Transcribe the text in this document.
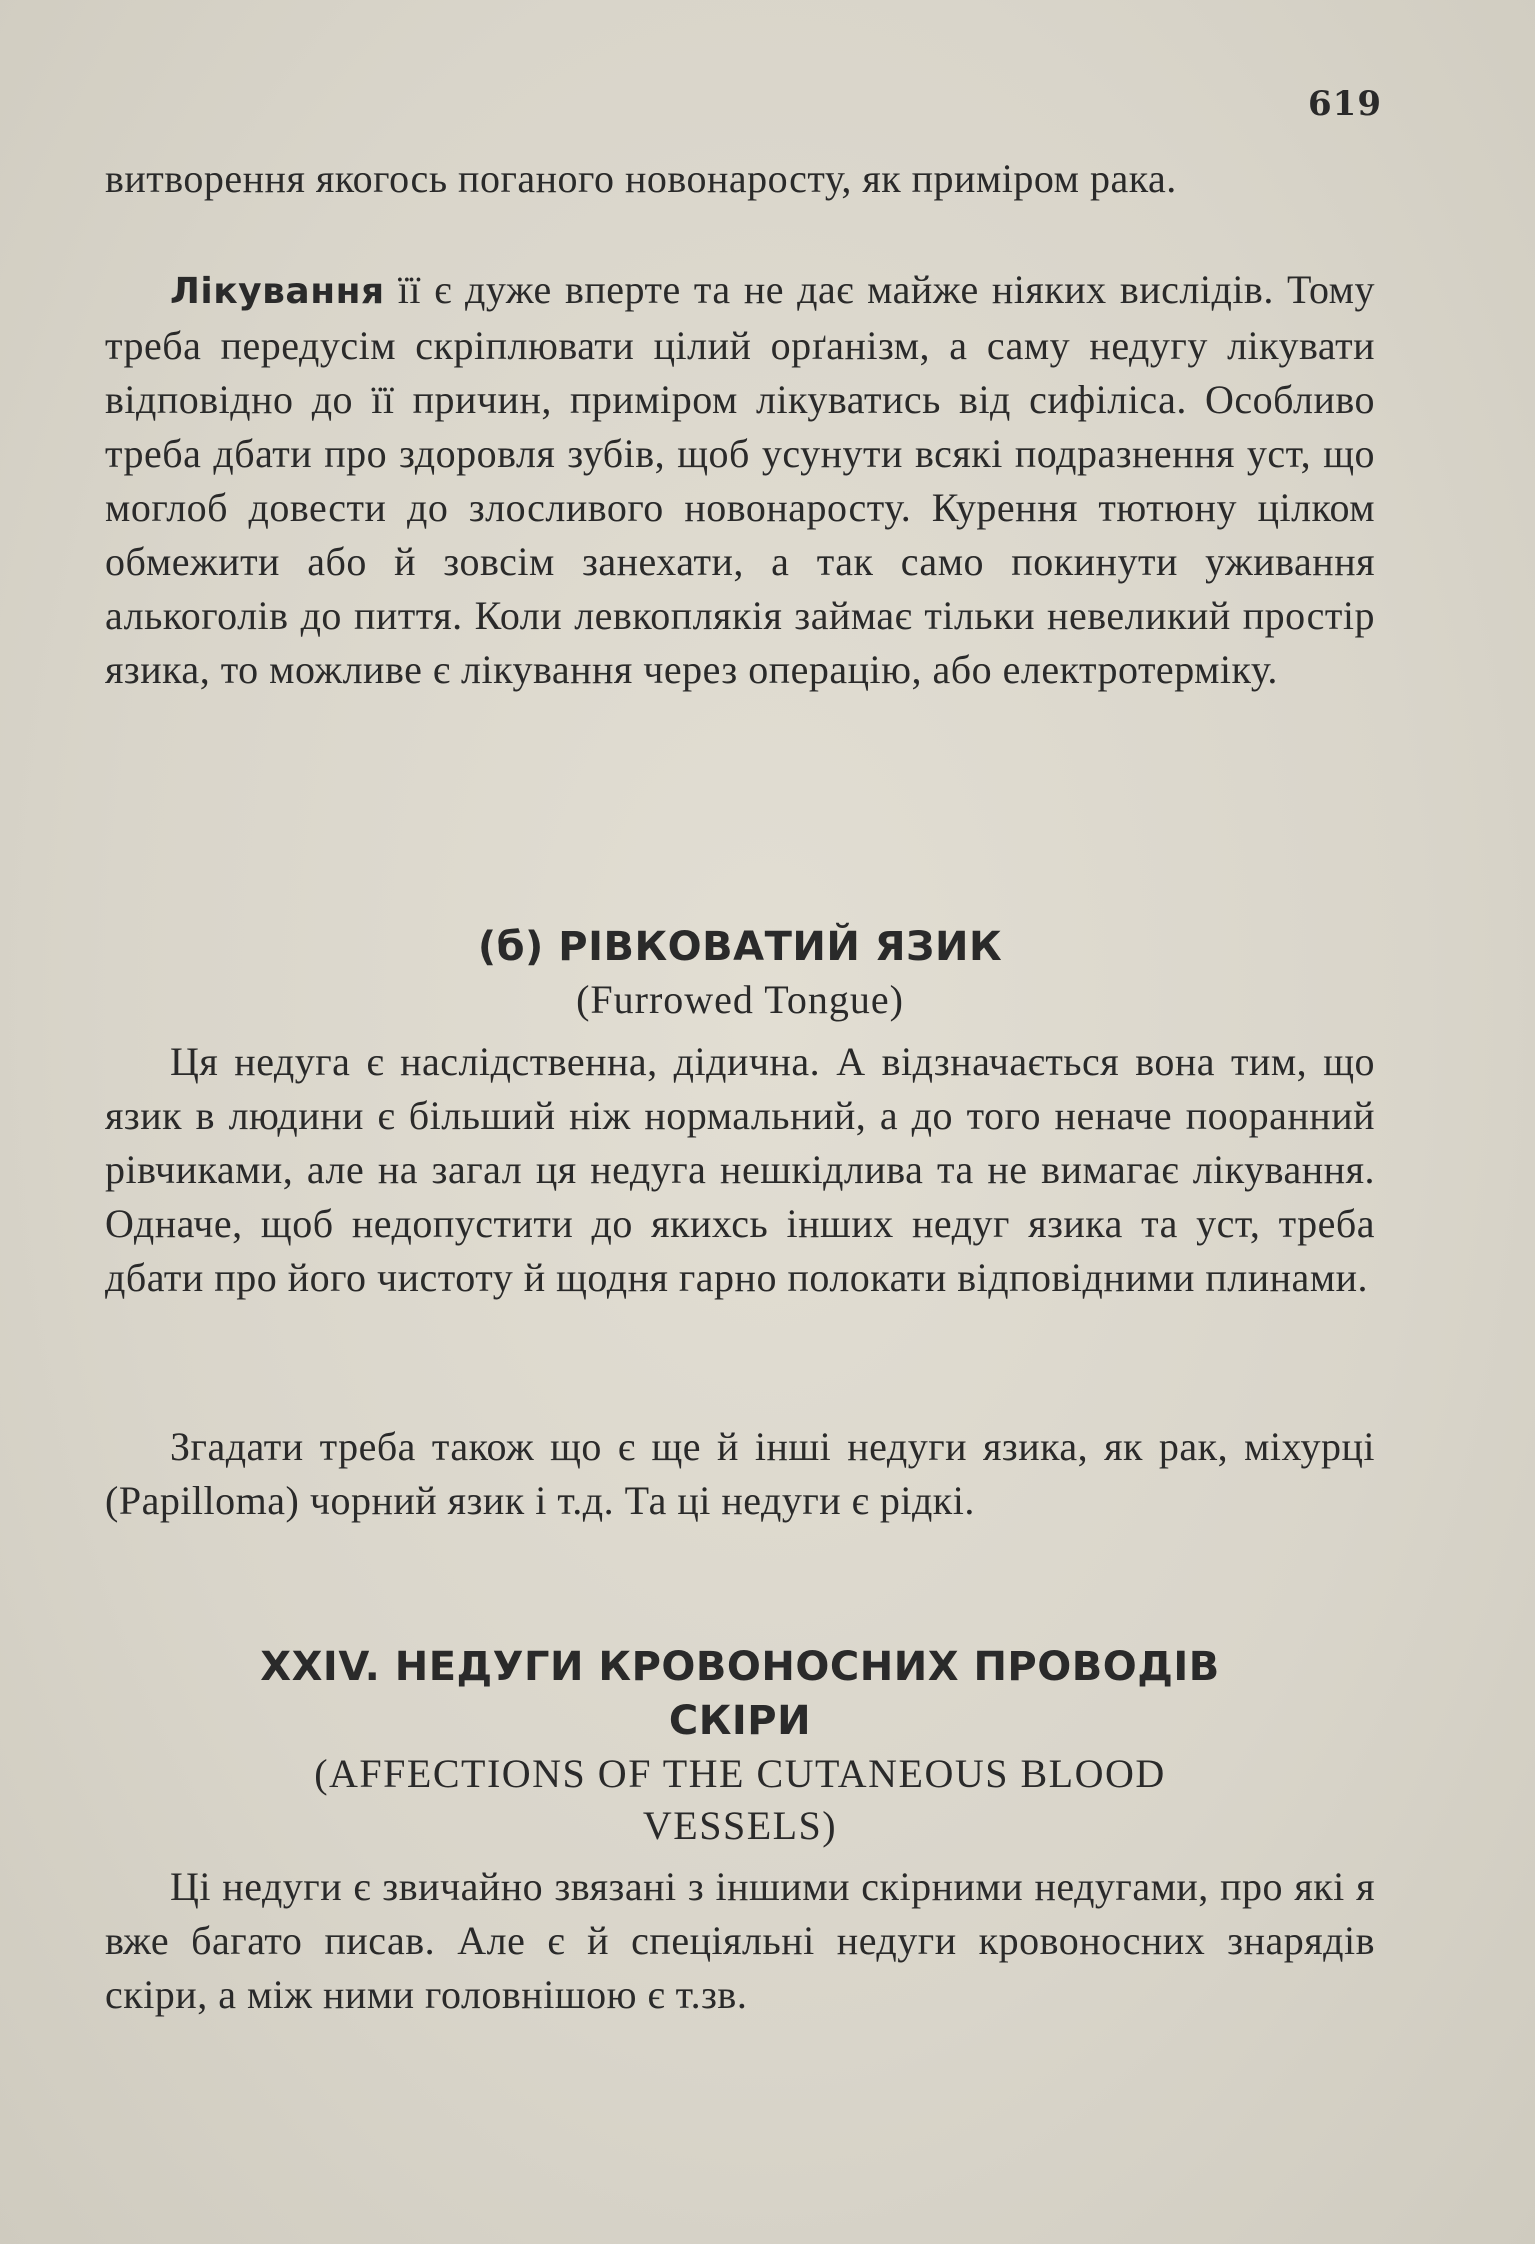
619

витворення якогось поганого новонаросту, як приміром рака.

Лікування її є дуже вперте та не дає майже ніяких вислідів. Тому треба передусім скріплювати цілий орґанізм, а саму недугу лікувати відповідно до її причин, приміром лікуватись від сифіліса. Особливо треба дбати про здоровля зубів, щоб усунути всякі подразнення уст, що моглоб довести до злосливого новонаросту. Курення тютюну цілком обмежити або й зовсім занехати, а так само покинути уживання алькоголів до пиття. Коли левкоплякія займає тільки невеликий простір язика, то можливе є лікування через операцію, або електротерміку.

(б) РІВКОВАТИЙ ЯЗИК
(Furrowed Tongue)

Ця недуга є наслідственна, дідична. А відзначається вона тим, що язик в людини є більший ніж нормальний, а до того неначе пооранний рівчиками, але на загал ця недуга нешкідлива та не вимагає лікування. Одначе, щоб недопустити до якихсь інших недуг язика та уст, треба дбати про його чистоту й щодня гарно полокати відповідними плинами.

Згадати треба також що є ще й інші недуги язика, як рак, міхурці (Papilloma) чорний язик і т.д. Та ці недуги є рідкі.

XXIV. НЕДУГИ КРОВОНОСНИХ ПРОВОДІВ
СКІРИ
(AFFECTIONS OF THE CUTANEOUS BLOOD
VESSELS)

Ці недуги є звичайно звязані з іншими скірними недугами, про які я вже багато писав. Але є й спеціяльні недуги кровоносних знарядів скіри, а між ними головнішою є т.зв.
